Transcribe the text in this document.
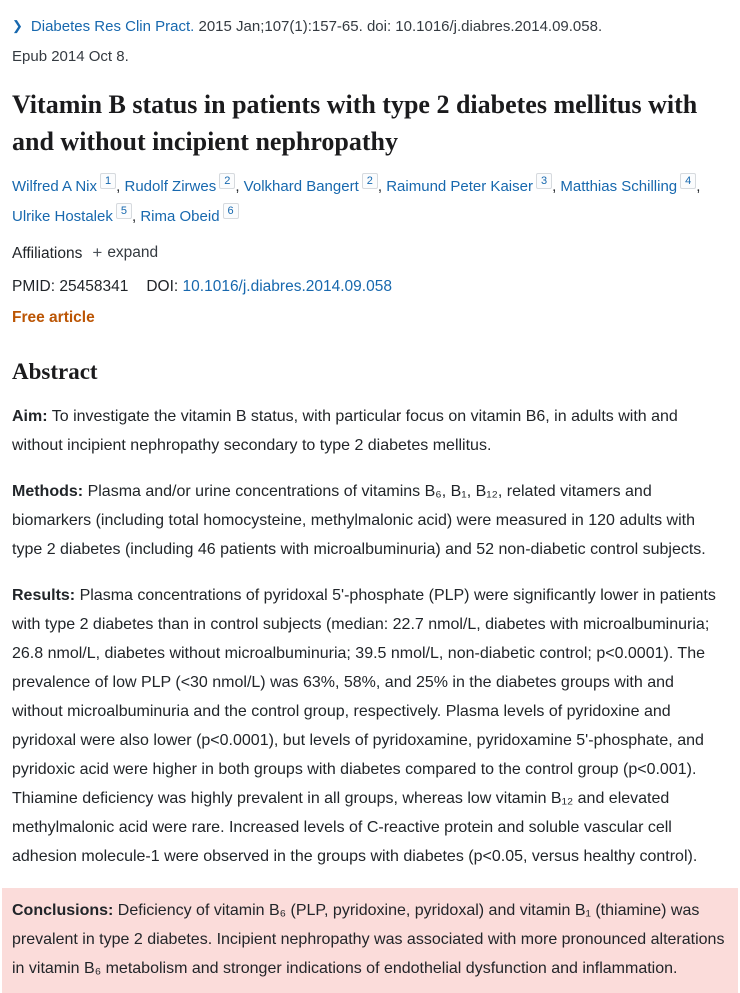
❯ Diabetes Res Clin Pract. 2015 Jan;107(1):157-65. doi: 10.1016/j.diabres.2014.09.058.
Epub 2014 Oct 8.
Vitamin B status in patients with type 2 diabetes mellitus with and without incipient nephropathy
Wilfred A Nix 1 , Rudolf Zirwes 2 , Volkhard Bangert 2 , Raimund Peter Kaiser 3 , Matthias Schilling 4 , Ulrike Hostalek 5 , Rima Obeid 6
Affiliations + expand
PMID: 25458341 DOI: 10.1016/j.diabres.2014.09.058
Free article
Abstract

Aim: To investigate the vitamin B status, with particular focus on vitamin B6, in adults with and without incipient nephropathy secondary to type 2 diabetes mellitus.

Methods: Plasma and/or urine concentrations of vitamins B₆, B₁, B₁₂, related vitamers and biomarkers (including total homocysteine, methylmalonic acid) were measured in 120 adults with type 2 diabetes (including 46 patients with microalbuminuria) and 52 non-diabetic control subjects.

Results: Plasma concentrations of pyridoxal 5'-phosphate (PLP) were significantly lower in patients with type 2 diabetes than in control subjects (median: 22.7 nmol/L, diabetes with microalbuminuria; 26.8 nmol/L, diabetes without microalbuminuria; 39.5 nmol/L, non-diabetic control; p<0.0001). The prevalence of low PLP (<30 nmol/L) was 63%, 58%, and 25% in the diabetes groups with and without microalbuminuria and the control group, respectively. Plasma levels of pyridoxine and pyridoxal were also lower (p<0.0001), but levels of pyridoxamine, pyridoxamine 5'-phosphate, and pyridoxic acid were higher in both groups with diabetes compared to the control group (p<0.001). Thiamine deficiency was highly prevalent in all groups, whereas low vitamin B₁₂ and elevated methylmalonic acid were rare. Increased levels of C-reactive protein and soluble vascular cell adhesion molecule-1 were observed in the groups with diabetes (p<0.05, versus healthy control).

Conclusions: Deficiency of vitamin B₆ (PLP, pyridoxine, pyridoxal) and vitamin B₁ (thiamine) was prevalent in type 2 diabetes. Incipient nephropathy was associated with more pronounced alterations in vitamin B₆ metabolism and stronger indications of endothelial dysfunction and inflammation.
